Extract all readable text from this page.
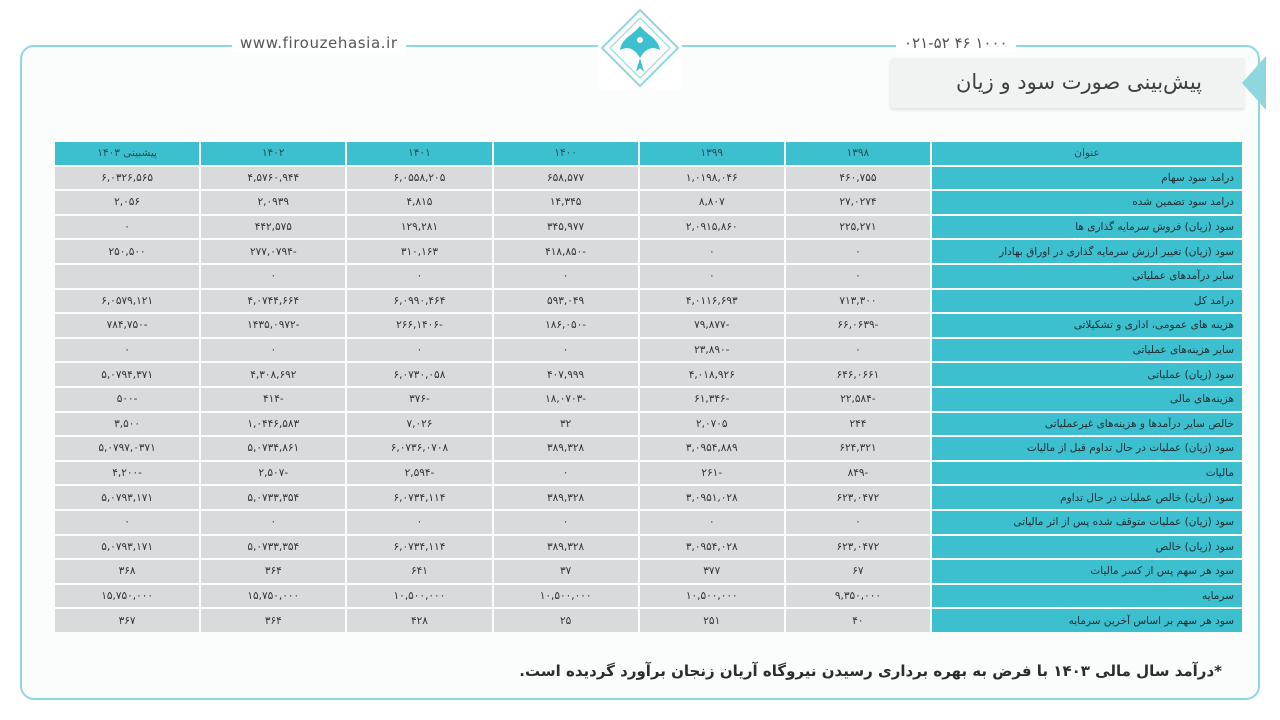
www.firouzehasia.ir	۰۲۱-۵۲ ۴۶ ۱۰۰۰
پیش‌بینی صورت سود و زیان
عنوان	۱۳۹۸	۱۳۹۹	۱۴۰۰	۱۴۰۱	۱۴۰۲	پیشبینی ۱۴۰۳
درامد سود سهام	۴۶۰,۷۵۵	۱,۰۱۹۸,۰۴۶	۶۵۸,۵۷۷	۶,۰۵۵۸,۲۰۵	۴,۵۷۶۰,۹۴۴	۶,۰۳۲۶,۵۶۵
درامد سود تضمین شده	۲۷,۰۲۷۴	۸,۸۰۷	۱۴,۳۴۵	۴,۸۱۵	۲,۰۹۳۹	۲,۰۵۶
سود (زیان) فروش سرمایه گذاری ها	۲۲۵,۲۷۱	۲,۰۹۱۵,۸۶۰	۳۴۵,۹۷۷	۱۲۹,۲۸۱	۴۴۲,۵۷۵	۰
سود (زیان) تغییر ارزش سرمایه گذاری در اوراق بهادار	۰	۰	-۴۱۸,۸۵۰	۳۱۰,۱۶۳	-۲۷۷,۰۷۹۴	۲۵۰,۵۰۰
سایر درآمدهای عملیاتی	۰	۰	۰	۰	۰	
درامد کل	۷۱۳,۳۰۰	۴,۰۱۱۶,۶۹۳	۵۹۳,۰۴۹	۶,۰۹۹۰,۴۶۴	۴,۰۷۴۴,۶۶۴	۶,۰۵۷۹,۱۲۱
هزینه های عمومی، اداری و تشکیلاتی	-۶۶,۰۶۳۹	-۷۹,۸۷۷	-۱۸۶,۰۵۰	-۲۶۶,۱۴۰۶	-۱۴۳۵,۰۹۷۲	-۷۸۴,۷۵۰
سایر هزینه‌های عملیاتی	۰	-۲۳,۸۹۰	۰	۰	۰	۰
سود (زیان) عملیاتی	۶۴۶,۰۶۶۱	۴,۰۱۸,۹۲۶	۴۰۷,۹۹۹	۶,۰۷۳۰,۰۵۸	۴,۳۰۸,۶۹۲	۵,۰۷۹۴,۳۷۱
هزینه‌های مالی	-۲۲,۵۸۴	-۶۱,۳۴۶	-۱۸,۰۷۰۳	-۳۷۶	-۴۱۴	-۵۰۰
خالص سایر درآمدها و هزینه‌های غیرعملیاتی	۲۴۴	۲,۰۷۰۵	۳۲	۷,۰۲۶	۱,۰۴۴۶,۵۸۳	۳,۵۰۰
سود (زیان) عملیات در حال تداوم قبل از مالیات	۶۲۴,۳۲۱	۳,۰۹۵۴,۸۸۹	۳۸۹,۳۲۸	۶,۰۷۳۶,۰۷۰۸	۵,۰۷۳۴,۸۶۱	۵,۰۷۹۷,۰۳۷۱
مالیات	-۸۴۹	-۲۶۱	۰	-۲,۵۹۴	-۲,۵۰۷	-۴,۲۰۰
سود (زیان) خالص عملیات در حال تداوم	۶۲۳,۰۴۷۲	۳,۰۹۵۱,۰۲۸	۳۸۹,۳۲۸	۶,۰۷۳۴,۱۱۴	۵,۰۷۳۳,۳۵۴	۵,۰۷۹۳,۱۷۱
سود (زیان) عملیات متوقف شده پس از اثر مالیاتی	۰	۰	۰	۰	۰	۰
سود (زیان) خالص	۶۲۳,۰۴۷۲	۳,۰۹۵۴,۰۲۸	۳۸۹,۳۲۸	۶,۰۷۳۴,۱۱۴	۵,۰۷۳۳,۳۵۴	۵,۰۷۹۳,۱۷۱
سود هر سهم پس از کسر مالیات	۶۷	۳۷۷	۳۷	۶۴۱	۳۶۴	۳۶۸
سرمایه	۹,۳۵۰,۰۰۰	۱۰,۵۰۰,۰۰۰	۱۰,۵۰۰,۰۰۰	۱۰,۵۰۰,۰۰۰	۱۵,۷۵۰,۰۰۰	۱۵,۷۵۰,۰۰۰
سود هر سهم بر اساس آخرین سرمایه	۴۰	۲۵۱	۲۵	۴۲۸	۳۶۴	۳۶۷
*درآمد سال مالی ۱۴۰۳ با فرض به بهره برداری رسیدن نیروگاه آریان زنجان برآورد گردیده است.
